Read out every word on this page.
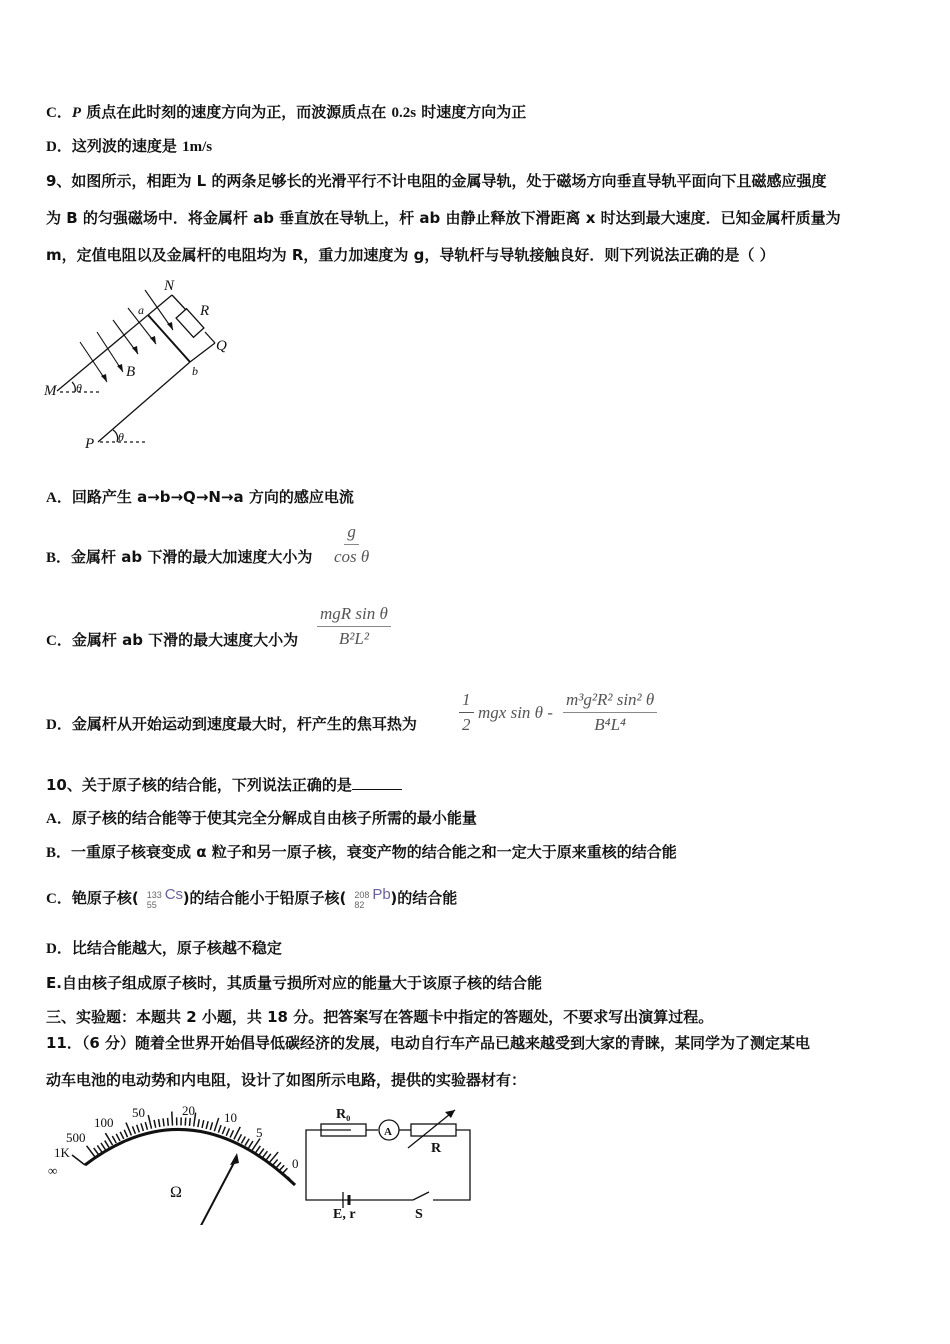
C．P 质点在此时刻的速度方向为正，而波源质点在 0.2s 时速度方向为正
D．这列波的速度是 1m/s
9、如图所示，相距为 L 的两条足够长的光滑平行不计电阻的金属导轨，处于磁场方向垂直导轨平面向下且磁感应强度
为 B 的匀强磁场中．将金属杆 ab 垂直放在导轨上，杆 ab 由静止释放下滑距离 x 时达到最大速度．已知金属杆质量为
m，定值电阻以及金属杆的电阻均为 R，重力加速度为 g，导轨杆与导轨接触良好．则下列说法正确的是（ ）
N
R
Q
a
b
B
M θ
P θ
A．回路产生 a→b→Q→N→a 方向的感应电流
B．金属杆 ab 下滑的最大加速度大小为 $\frac{g}{\text{cos θ}}$
C．金属杆 ab 下滑的最大速度大小为
mgR sin θ
B²L²
D．金属杆从开始运动到速度最大时，杆产生的焦耳热为 $\frac{1}{2}$ mgx sin θ - $\frac{\text{m³g²R² sin² θ}}{\text{B⁴L⁴}}$
10、关于原子核的结合能，下列说法正确的是
A．原子核的结合能等于使其完全分解成自由核子所需的最小能量
B．一重原子核衰变成 α 粒子和另一原子核，衰变产物的结合能之和一定大于原来重核的结合能
C．铯原子核( 133
55
Cs )的结合能小于铅原子核( 208
82
Pb )的结合能
D．比结合能越大，原子核越不稳定
E.自由核子组成原子核时，其质量亏损所对应的能量大于该原子核的结合能
三、实验题：本题共 2 小题，共 18 分。把答案写在答题卡中指定的答题处，不要求写出演算过程。
11．（6 分）随着全世界开始倡导低碳经济的发展，电动自行车产品已越来越受到大家的青睐，某同学为了测定某电
动车电池的电动势和内电阻，设计了如图所示电路，提供的实验器材有：
∞
1K
500
100
50	20 10
5
0
Ω
R₀
A
R
E, r	S
